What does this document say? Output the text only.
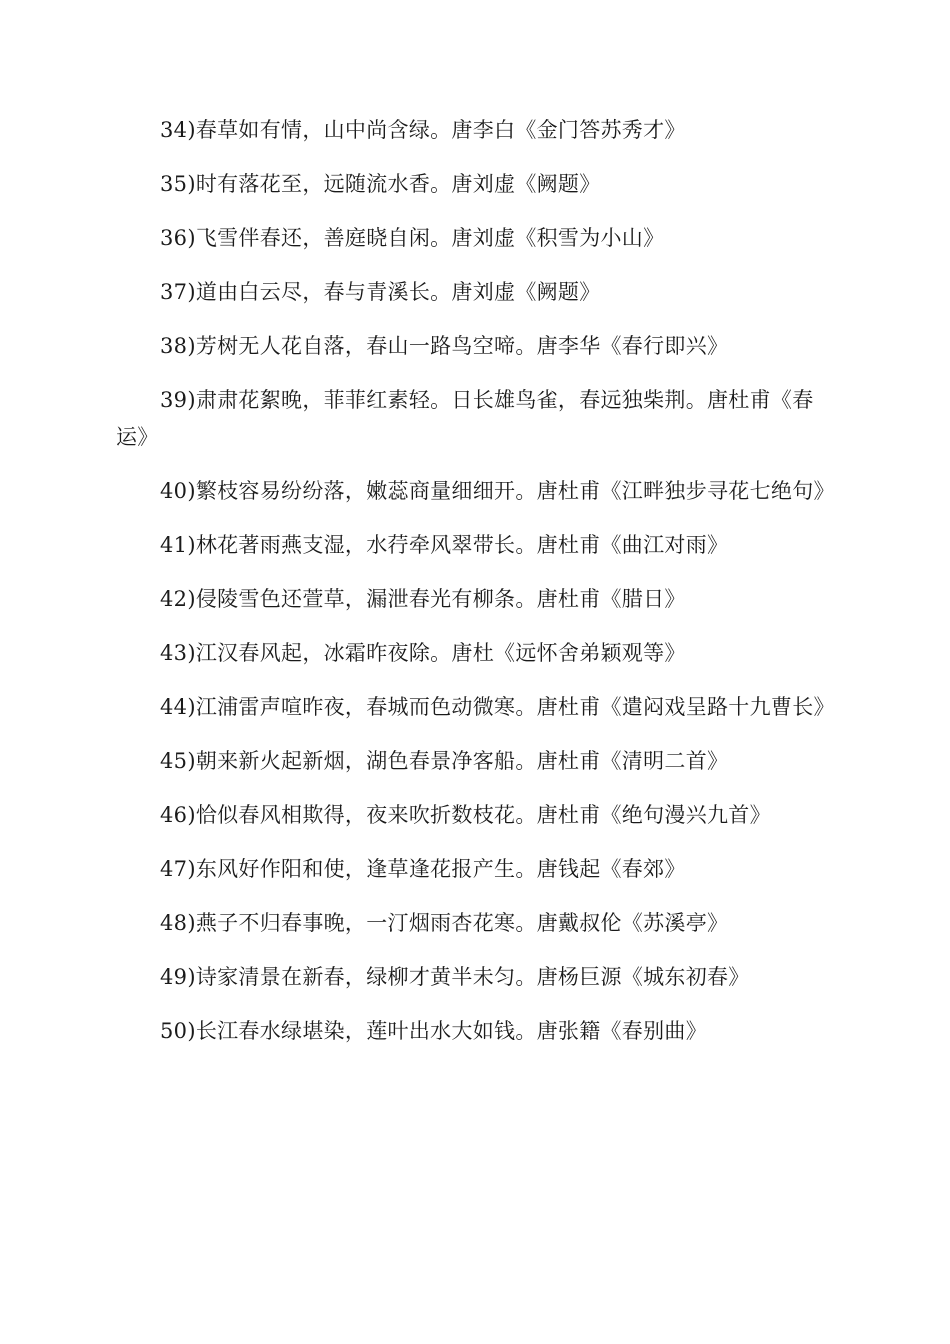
34)春草如有情，山中尚含绿。唐李白《金门答苏秀才》

35)时有落花至，远随流水香。唐刘虚《阙题》

36)飞雪伴春还，善庭晓自闲。唐刘虚《积雪为小山》

37)道由白云尽，春与青溪长。唐刘虚《阙题》

38)芳树无人花自落，春山一路鸟空啼。唐李华《春行即兴》

39)肃肃花絮晚，菲菲红素轻。日长雄鸟雀，春远独柴荆。唐杜甫《春运》

40)繁枝容易纷纷落，嫩蕊商量细细开。唐杜甫《江畔独步寻花七绝句》

41)林花著雨燕支湿，水荇牵风翠带长。唐杜甫《曲江对雨》

42)侵陵雪色还萱草，漏泄春光有柳条。唐杜甫《腊日》

43)江汉春风起，冰霜昨夜除。唐杜《远怀舍弟颖观等》

44)江浦雷声喧昨夜，春城而色动微寒。唐杜甫《遣闷戏呈路十九曹长》

45)朝来新火起新烟，湖色春景净客船。唐杜甫《清明二首》

46)恰似春风相欺得，夜来吹折数枝花。唐杜甫《绝句漫兴九首》

47)东风好作阳和使，逢草逢花报产生。唐钱起《春郊》

48)燕子不归春事晚，一汀烟雨杏花寒。唐戴叔伦《苏溪亭》

49)诗家清景在新春，绿柳才黄半未匀。唐杨巨源《城东初春》

50)长江春水绿堪染，莲叶出水大如钱。唐张籍《春别曲》
